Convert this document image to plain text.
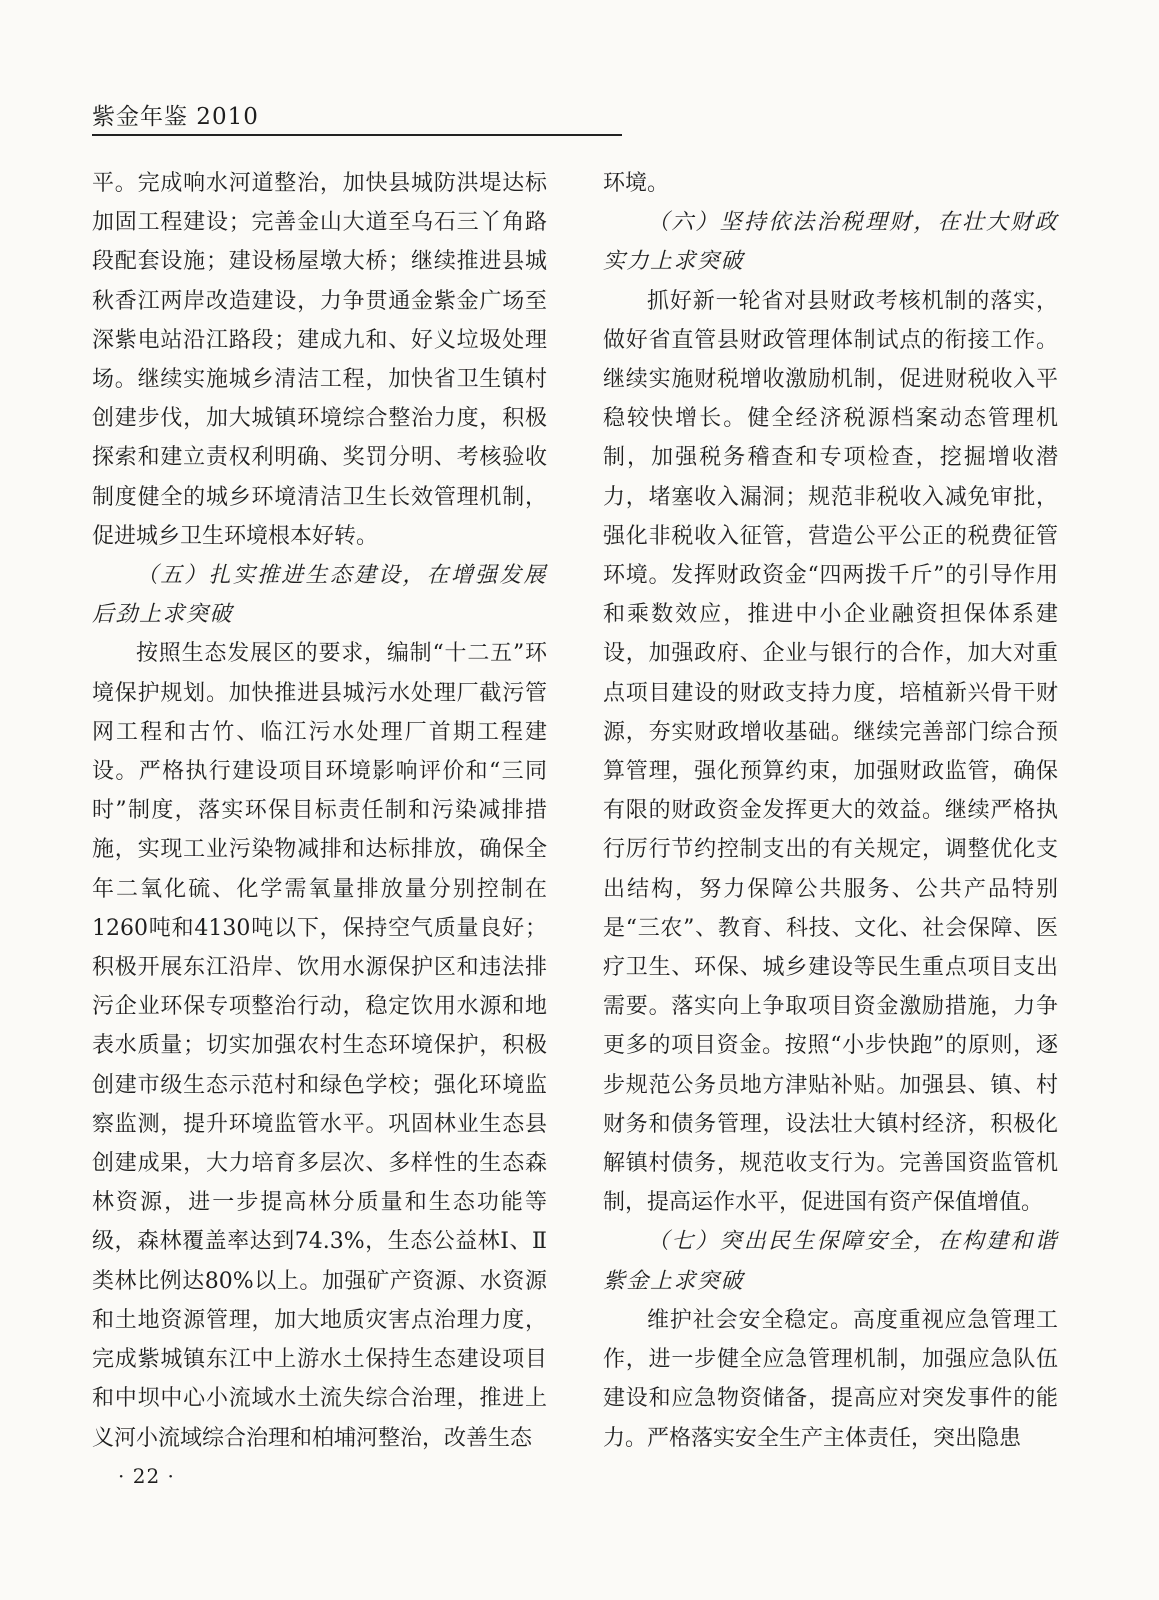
紫金年鉴 2010

平。完成响水河道整治，加快县城防洪堤达标加固工程建设；完善金山大道至乌石三丫角路段配套设施；建设杨屋墩大桥；继续推进县城秋香江两岸改造建设，力争贯通金紫金广场至深紫电站沿江路段；建成九和、好义垃圾处理场。继续实施城乡清洁工程，加快省卫生镇村创建步伐，加大城镇环境综合整治力度，积极探索和建立责权利明确、奖罚分明、考核验收制度健全的城乡环境清洁卫生长效管理机制，促进城乡卫生环境根本好转。

（五）扎实推进生态建设，在增强发展后劲上求突破

按照生态发展区的要求，编制“十二五”环境保护规划。加快推进县城污水处理厂截污管网工程和古竹、临江污水处理厂首期工程建设。严格执行建设项目环境影响评价和“三同时”制度，落实环保目标责任制和污染减排措施，实现工业污染物减排和达标排放，确保全年二氧化硫、化学需氧量排放量分别控制在1260吨和4130吨以下，保持空气质量良好；积极开展东江沿岸、饮用水源保护区和违法排污企业环保专项整治行动，稳定饮用水源和地表水质量；切实加强农村生态环境保护，积极创建市级生态示范村和绿色学校；强化环境监察监测，提升环境监管水平。巩固林业生态县创建成果，大力培育多层次、多样性的生态森林资源，进一步提高林分质量和生态功能等级，森林覆盖率达到74.3%，生态公益林Ⅰ、Ⅱ类林比例达80%以上。加强矿产资源、水资源和土地资源管理，加大地质灾害点治理力度，完成紫城镇东江中上游水土保持生态建设项目和中坝中心小流域水土流失综合治理，推进上义河小流域综合治理和柏埔河整治，改善生态

环境。

（六）坚持依法治税理财，在壮大财政实力上求突破

抓好新一轮省对县财政考核机制的落实，做好省直管县财政管理体制试点的衔接工作。继续实施财税增收激励机制，促进财税收入平稳较快增长。健全经济税源档案动态管理机制，加强税务稽查和专项检查，挖掘增收潜力，堵塞收入漏洞；规范非税收入减免审批，强化非税收入征管，营造公平公正的税费征管环境。发挥财政资金“四两拨千斤”的引导作用和乘数效应，推进中小企业融资担保体系建设，加强政府、企业与银行的合作，加大对重点项目建设的财政支持力度，培植新兴骨干财源，夯实财政增收基础。继续完善部门综合预算管理，强化预算约束，加强财政监管，确保有限的财政资金发挥更大的效益。继续严格执行厉行节约控制支出的有关规定，调整优化支出结构，努力保障公共服务、公共产品特别是“三农”、教育、科技、文化、社会保障、医疗卫生、环保、城乡建设等民生重点项目支出需要。落实向上争取项目资金激励措施，力争更多的项目资金。按照“小步快跑”的原则，逐步规范公务员地方津贴补贴。加强县、镇、村财务和债务管理，设法壮大镇村经济，积极化解镇村债务，规范收支行为。完善国资监管机制，提高运作水平，促进国有资产保值增值。

（七）突出民生保障安全，在构建和谐紫金上求突破

维护社会安全稳定。高度重视应急管理工作，进一步健全应急管理机制，加强应急队伍建设和应急物资储备，提高应对突发事件的能力。严格落实安全生产主体责任，突出隐患

· 22 ·
